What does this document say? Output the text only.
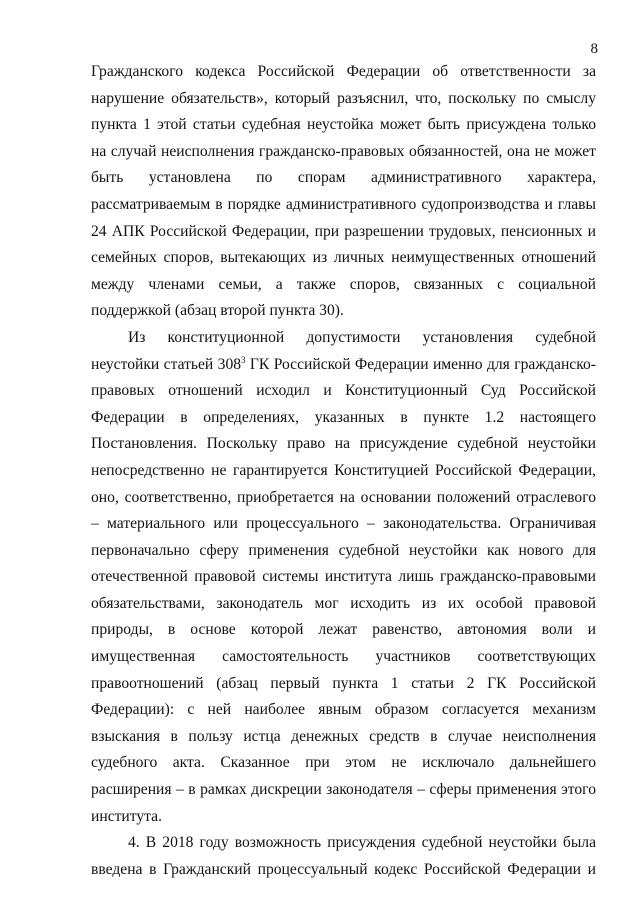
8
Гражданского кодекса Российской Федерации об ответственности за
нарушение обязательств», который разъяснил, что, поскольку по смыслу
пункта 1 этой статьи судебная неустойка может быть присуждена только
на случай неисполнения гражданско-правовых обязанностей, она не может
быть установлена по спорам административного характера,
рассматриваемым в порядке административного судопроизводства и главы
24 АПК Российской Федерации, при разрешении трудовых, пенсионных и
семейных споров, вытекающих из личных неимущественных отношений
между членами семьи, а также споров, связанных с социальной
поддержкой (абзац второй пункта 30).
Из конституционной допустимости установления судебной
неустойки статьей $308^3$ ГК Российской Федерации именно для гражданско-
правовых отношений исходил и Конституционный Суд Российской
Федерации в определениях, указанных в пункте 1.2 настоящего
Постановления. Поскольку право на присуждение судебной неустойки
непосредственно не гарантируется Конституцией Российской Федерации,
оно, соответственно, приобретается на основании положений отраслевого
– материального или процессуального – законодательства. Ограничивая
первоначально сферу применения судебной неустойки как нового для
отечественной правовой системы института лишь гражданско-правовыми
обязательствами, законодатель мог исходить из их особой правовой
природы, в основе которой лежат равенство, автономия воли и
имущественная самостоятельность участников соответствующих
правоотношений (абзац первый пункта 1 статьи 2 ГК Российской
Федерации): с ней наиболее явным образом согласуется механизм
взыскания в пользу истца денежных средств в случае неисполнения
судебного акта. Сказанное при этом не исключало дальнейшего
расширения – в рамках дискреции законодателя – сферы применения этого
института.
4. В 2018 году возможность присуждения судебной неустойки была
введена в Гражданский процессуальный кодекс Российской Федерации и
